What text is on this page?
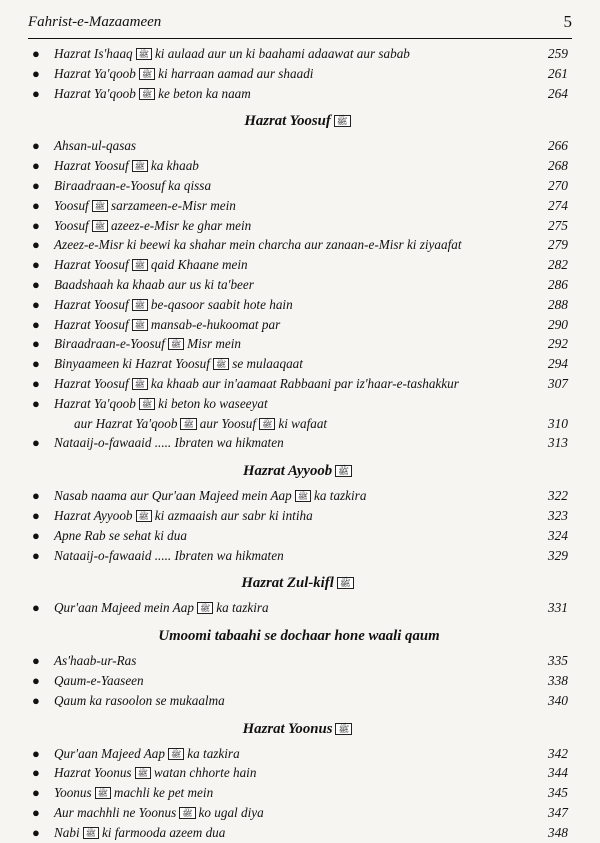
Fahrist-e-Mazaameen	5
● Hazrat Is'haaq ﷺ ki aulaad aur un ki baahami adaawat aur sabab	259
● Hazrat Ya'qoob ﷺ ki harraan aamad aur shaadi	261
● Hazrat Ya'qoob ﷺ ke beton ka naam	264
Hazrat Yoosuf ﷺ
● Ahsan-ul-qasas	266
● Hazrat Yoosuf ﷺ ka khaab	268
● Biraadraan-e-Yoosuf ka qissa	270
● Yoosuf ﷺ sarzameen-e-Misr mein	274
● Yoosuf ﷺ azeez-e-Misr ke ghar mein	275
● Azeez-e-Misr ki beewi ka shahar mein charcha aur zanaan-e-Misr ki ziyaafat	279
● Hazrat Yoosuf ﷺ qaid Khaane mein	282
● Baadshaah ka khaab aur us ki ta'beer	286
● Hazrat Yoosuf ﷺ be-qasoor saabit hote hain	288
● Hazrat Yoosuf ﷺ mansab-e-hukoomat par	290
● Biraadraan-e-Yoosuf ﷺ Misr mein	292
● Binyaameen ki Hazrat Yoosuf ﷺ se mulaaqaat	294
● Hazrat Yoosuf ﷺ ka khaab aur in'aamaat Rabbaani par iz'haar-e-tashakkur	307
● Hazrat Ya'qoob ﷺ ki beton ko waseeyat
aur Hazrat Ya'qoob ﷺ aur Yoosuf ﷺ ki wafaat	310
● Nataaij-o-fawaaid ..... Ibraten wa hikmaten	313
Hazrat Ayyoob ﷺ
● Nasab naama aur Qur'aan Majeed mein Aap ﷺ ka tazkira	322
● Hazrat Ayyoob ﷺ ki azmaaish aur sabr ki intiha	323
● Apne Rab se sehat ki dua	324
● Nataaij-o-fawaaid ..... Ibraten wa hikmaten	329
Hazrat Zul-kifl ﷺ
● Qur'aan Majeed mein Aap ﷺ ka tazkira	331
Umoomi tabaahi se dochaar hone waali qaum
● As'haab-ur-Ras	335
● Qaum-e-Yaaseen	338
● Qaum ka rasoolon se mukaalma	340
Hazrat Yoonus ﷺ
● Qur'aan Majeed Aap ﷺ ka tazkira	342
● Hazrat Yoonus ﷺ watan chhorte hain	344
● Yoonus ﷺ machli ke pet mein	345
● Aur machhli ne Yoonus ﷺ ko ugal diya	347
● Nabi ﷺ ki farmooda azeem dua	348
